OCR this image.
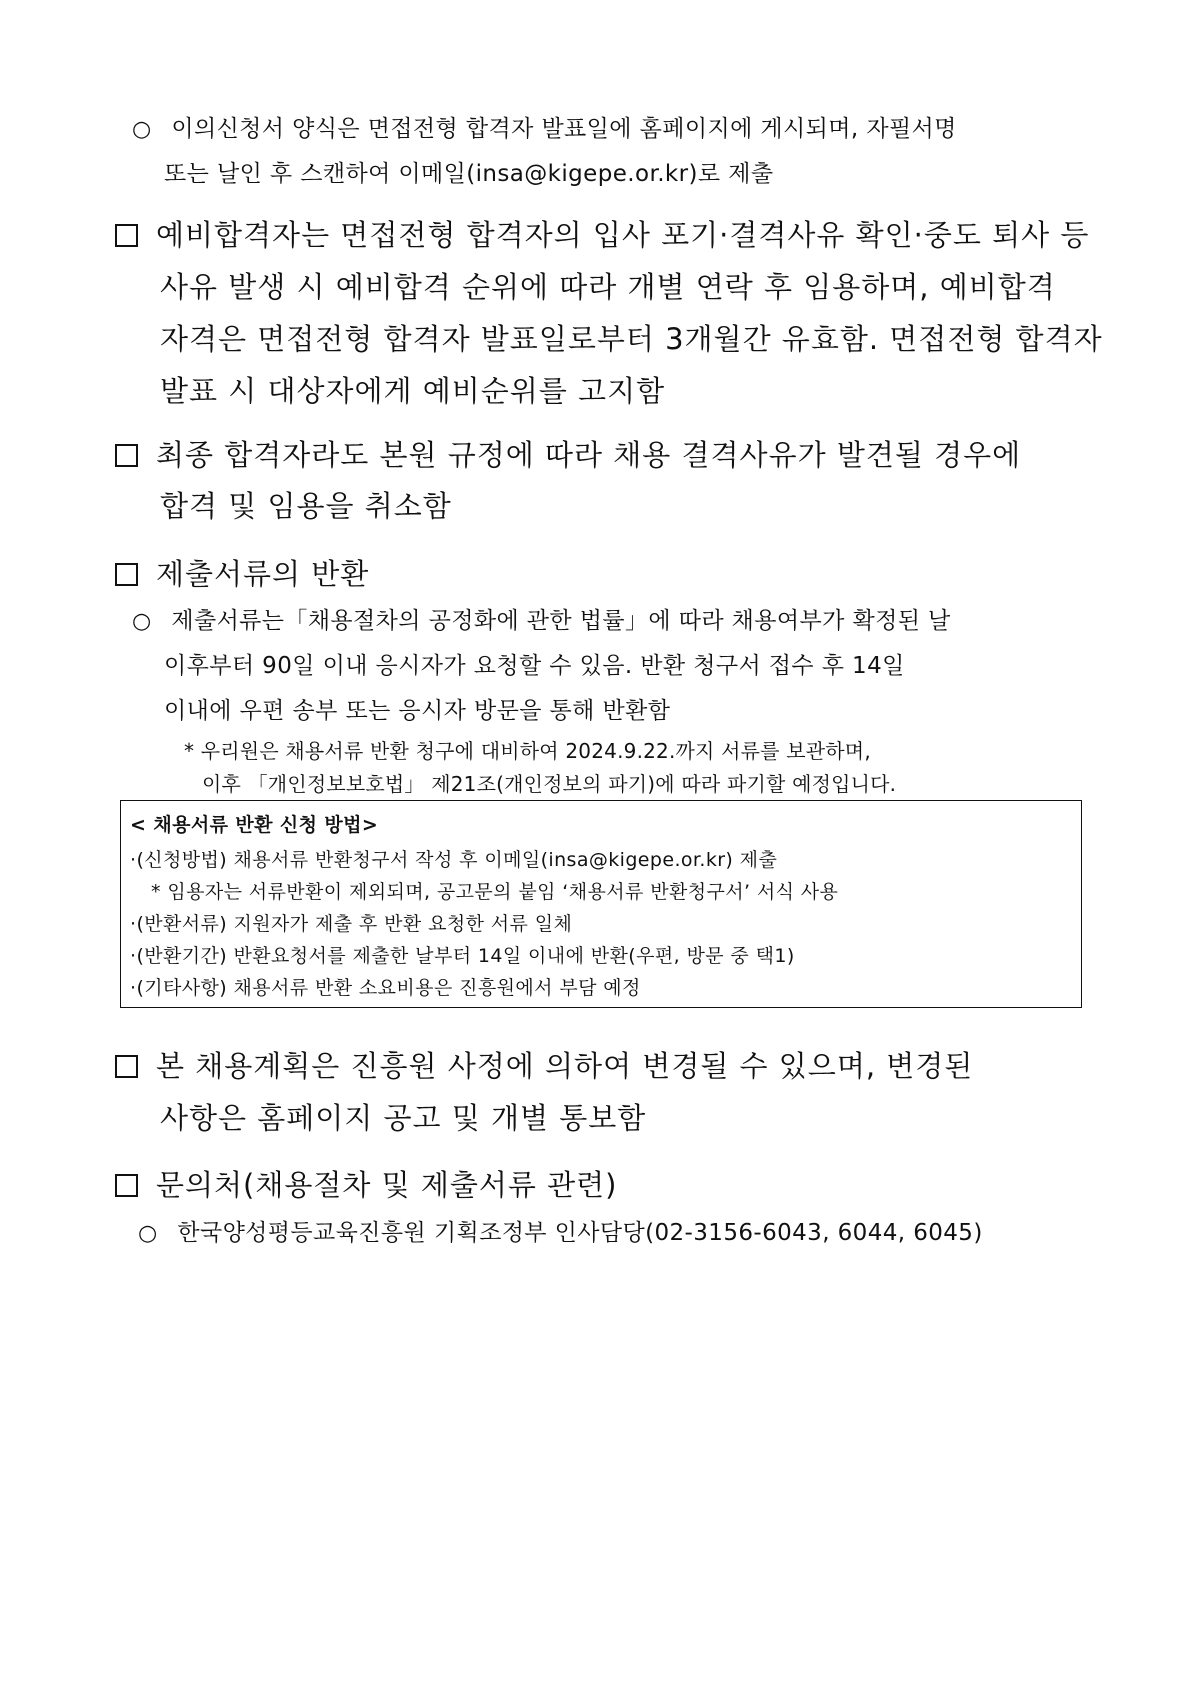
○ 이의신청서 양식은 면접전형 합격자 발표일에 홈페이지에 게시되며, 자필서명
또는 날인 후 스캔하여 이메일(insa@kigepe.or.kr)로 제출
예비합격자는 면접전형 합격자의 입사 포기·결격사유 확인·중도 퇴사 등
사유 발생 시 예비합격 순위에 따라 개별 연락 후 임용하며, 예비합격
자격은 면접전형 합격자 발표일로부터 3개월간 유효함. 면접전형 합격자
발표 시 대상자에게 예비순위를 고지함
최종 합격자라도 본원 규정에 따라 채용 결격사유가 발견될 경우에
합격 및 임용을 취소함
제출서류의 반환
○ 제출서류는「채용절차의 공정화에 관한 법률」에 따라 채용여부가 확정된 날
이후부터 90일 이내 응시자가 요청할 수 있음. 반환 청구서 접수 후 14일
이내에 우편 송부 또는 응시자 방문을 통해 반환함
* 우리원은 채용서류 반환 청구에 대비하여 2024.9.22.까지 서류를 보관하며,
이후 「개인정보보호법」 제21조(개인정보의 파기)에 따라 파기할 예정입니다.
< 채용서류 반환 신청 방법>
·(신청방법) 채용서류 반환청구서 작성 후 이메일(insa@kigepe.or.kr) 제출
* 임용자는 서류반환이 제외되며, 공고문의 붙임 ‘채용서류 반환청구서’ 서식 사용
·(반환서류) 지원자가 제출 후 반환 요청한 서류 일체
·(반환기간) 반환요청서를 제출한 날부터 14일 이내에 반환(우편, 방문 중 택1)
·(기타사항) 채용서류 반환 소요비용은 진흥원에서 부담 예정
본 채용계획은 진흥원 사정에 의하여 변경될 수 있으며, 변경된
사항은 홈페이지 공고 및 개별 통보함
문의처(채용절차 및 제출서류 관련)
○ 한국양성평등교육진흥원 기획조정부 인사담당(02-3156-6043, 6044, 6045)
